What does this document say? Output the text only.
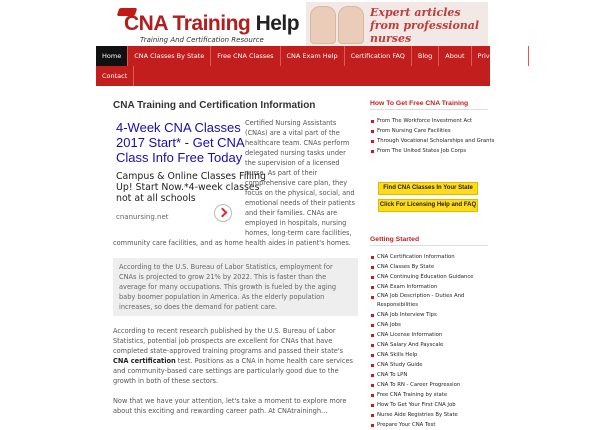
CNA Training Help
Training And Certification Resource
Expert articles from professional nurses
Home	CNA Classes By State	Free CNA Classes	CNA Exam Help	Certification FAQ	Blog	About	Privacy Policy
Contact
CNA Training and Certification Information
4-Week CNA Classes
2017 Start* - Get CNA
Class Info Free Today
Campus & Online Classes Filling
Up! Start Now.*4-week classes
not at all schools
cnanursing.net

Certified Nursing Assistants (CNAs) are a vital part of the healthcare team. CNAs perform delegated nursing tasks under the supervision of a licensed nurse. As part of their comprehensive care plan, they focus on the physical, social, and emotional needs of their patients and their families. CNAs are employed in hospitals, nursing homes, long-term care facilities, community care facilities, and as home health aides in patient's homes.

According to the U.S. Bureau of Labor Statistics, employment for CNAs is projected to grow 21% by 2022. This is faster than the average for many occupations. This growth is fueled by the aging baby boomer population in America. As the elderly population increases, so does the demand for patient care.

According to recent research published by the U.S. Bureau of Labor Statistics, potential job prospects are excellent for CNAs that have completed state-approved training programs and passed their state's CNA certification test. Positions as a CNA in home health care services and community-based care settings are particularly good due to the growth in both of these sectors.

Now that we have your attention, let's take a moment to explore more about this exciting and rewarding career path. At CNAtrainingh...

How To Get Free CNA Training
From The Workforce Investment Act
From Nursing Care Facilities
Through Vocational Scholarships and Grants
From The United States Job Corps
Find CNA Classes In Your State
Click For Licensing Help and FAQ
Getting Started
CNA Certification Information
CNA Classes By State
CNA Continuing Education Guidance
CNA Exam Information
CNA Job Description - Duties And Responsibilities
CNA Job Interview Tips
CNA Jobs
CNA License Information
CNA Salary And Payscale
CNA Skills Help
CNA Study Guide
CNA To LPN
CNA To RN - Career Progression
Free CNA Training by state
How To Get Your First CNA Job
Nurse Aide Registries By State
Prepare Your CNA Test
